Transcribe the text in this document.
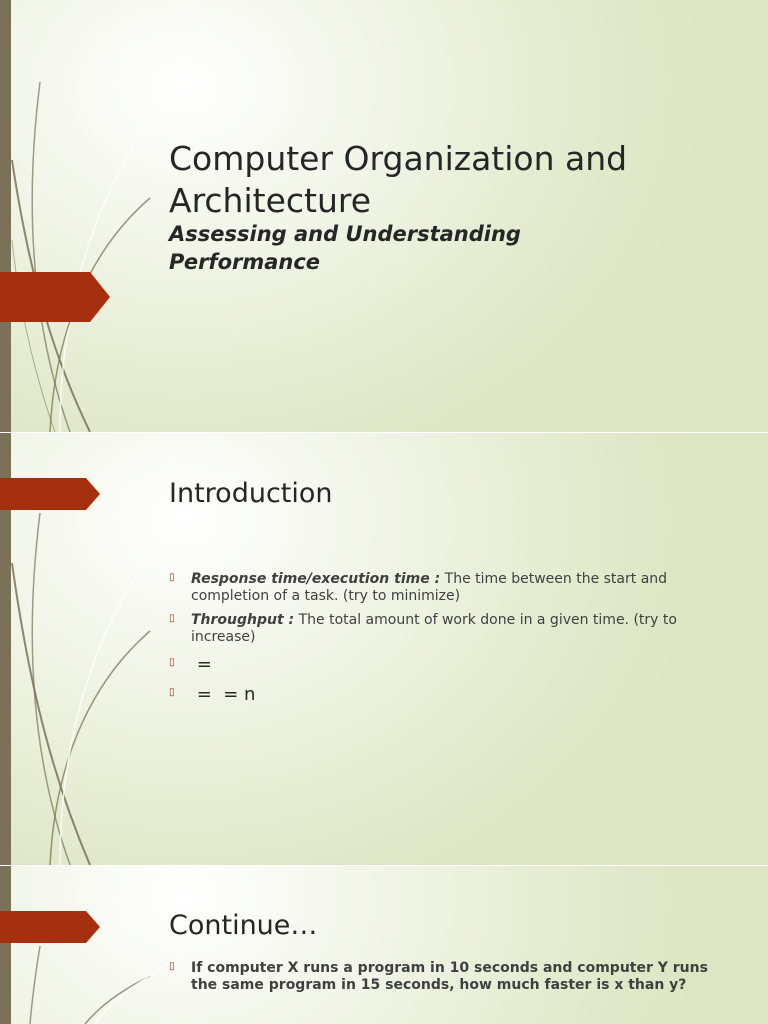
Computer Organization and Architecture

Assessing and Understanding Performance

Introduction
▯ Response time/execution time : The time between the start and completion of a task. (try to minimize)
▯ Throughput : The total amount of work done in a given time. (try to increase)
▯ =
▯ =  = n
Continue…
▯ If computer X runs a program in 10 seconds and computer Y runs the same program in 15 seconds, how much faster is x than y?
